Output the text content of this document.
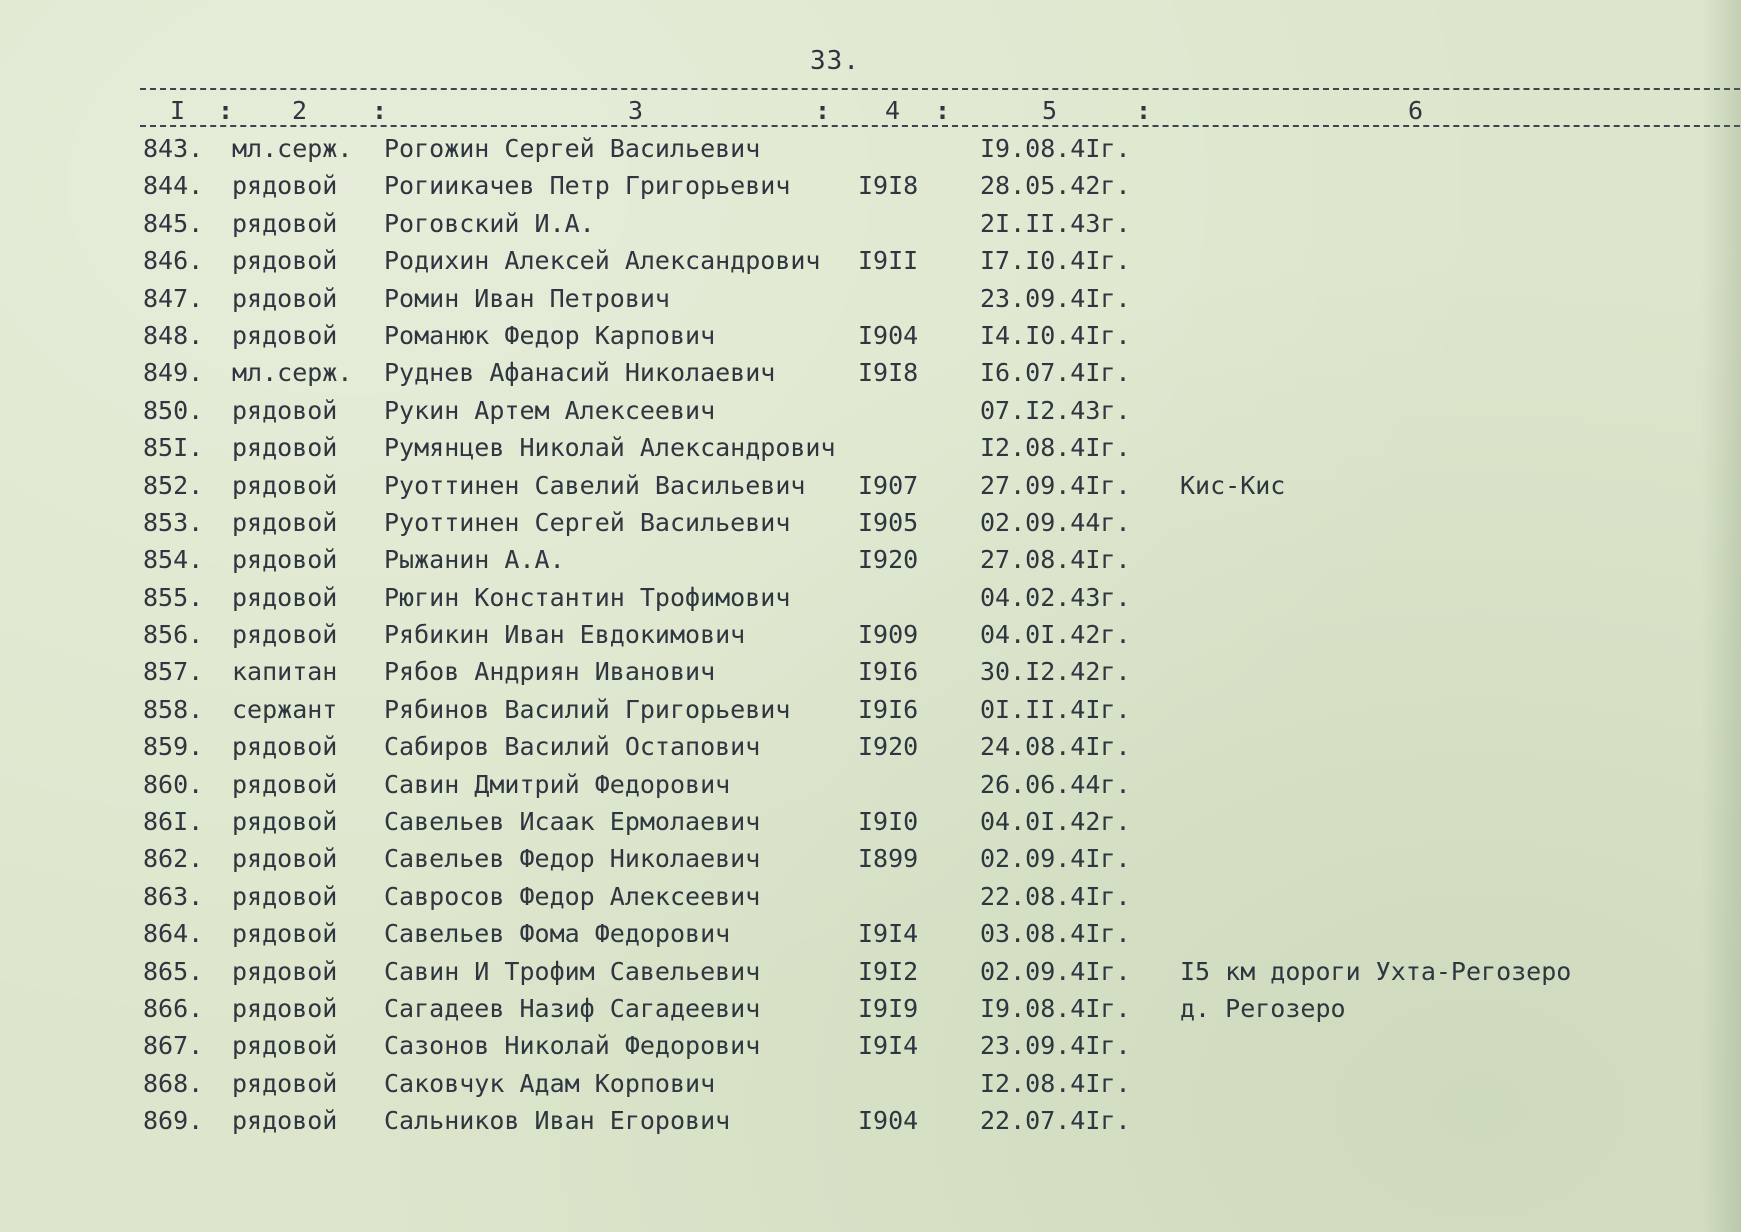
33.
I : 2	:	3	: 4 :	5	:	6
843. мл.серж. Рогожин Сергей Васильевич	I9.08.4Iг.
844. рядовой Рогиикачев Петр Григорьевич	I9I8 28.05.42г.
845. рядовой Роговский И.А.	2I.II.43г.
846. рядовой Родихин Алексей Александрович I9II I7.I0.4Iг.
847. рядовой Ромин Иван Петрович	23.09.4Iг.
848. рядовой Романюк Федор Карпович	I904 I4.I0.4Iг.
849. мл.серж. Руднев Афанасий Николаевич	I9I8 I6.07.4Iг.
850. рядовой Рукин Артем Алексеевич	07.I2.43г.
85I. рядовой Румянцев Николай Александрович	I2.08.4Iг.
852. рядовой Руоттинен Савелий Васильевич I907 27.09.4Iг. Кис-Кис
853. рядовой Руоттинен Сергей Васильевич	I905 02.09.44г.
854. рядовой Рыжанин А.А.	I920 27.08.4Iг.
855. рядовой Рюгин Константин Трофимович	04.02.43г.
856. рядовой Рябикин Иван Евдокимович	I909 04.0I.42г.
857. капитан Рябов Андриян Иванович	I9I6 30.I2.42г.
858. сержант Рябинов Василий Григорьевич	I9I6 0I.II.4Iг.
859. рядовой Сабиров Василий Остапович	I920 24.08.4Iг.
860. рядовой Савин Дмитрий Федорович	26.06.44г.
86I. рядовой Савельев Исаак Ермолаевич	I9I0 04.0I.42г.
862. рядовой Савельев Федор Николаевич	I899 02.09.4Iг.
863. рядовой Савросов Федор Алексеевич	22.08.4Iг.
864. рядовой Савельев Фома Федорович	I9I4 03.08.4Iг.
865. рядовой Савин И Трофим Савельевич	I9I2 02.09.4Iг. I5 км дороги Ухта-Регозеро
866. рядовой Сагадеев Назиф Сагадеевич	I9I9 I9.08.4Iг. д. Регозеро
867. рядовой Сазонов Николай Федорович	I9I4 23.09.4Iг.
868. рядовой Саковчук Адам Корпович	I2.08.4Iг.
869. рядовой Сальников Иван Егорович	I904 22.07.4Iг.
